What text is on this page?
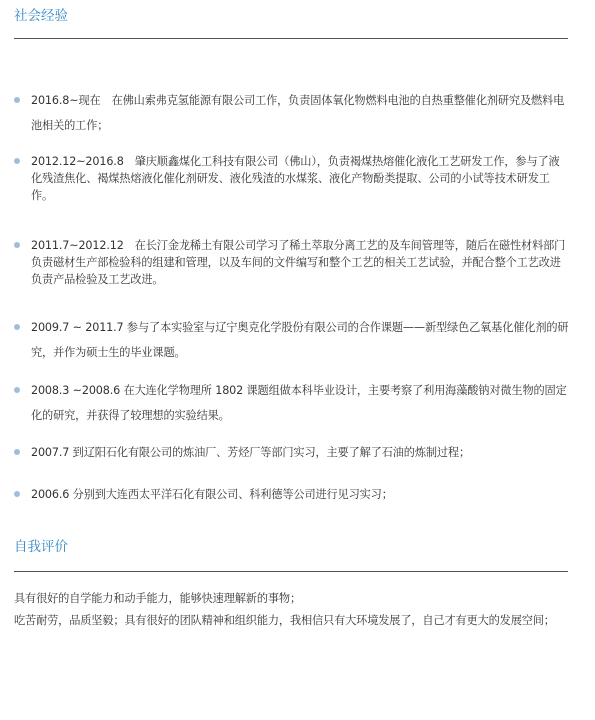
社会经验

2016.8~现在　在佛山索弗克氢能源有限公司工作，负责固体氧化物燃料电池的自热重整催化剂研究及燃料电池相关的工作；

2012.12~2016.8　肇庆顺鑫煤化工科技有限公司（佛山），负责褐煤热熔催化液化工艺研发工作，参与了液化残渣焦化、褐煤热熔液化催化剂研发、液化残渣的水煤浆、液化产物酚类提取、公司的小试等技术研发工作。

2011.7~2012.12　在长汀金龙稀土有限公司学习了稀土萃取分离工艺的及车间管理等，随后在磁性材料部门负责磁材生产部检验科的组建和管理，以及车间的文件编写和整个工艺的相关工艺试验，并配合整个工艺改进负责产品检验及工艺改进。

2009.7 ~ 2011.7 参与了本实验室与辽宁奥克化学股份有限公司的合作课题——新型绿色乙氧基化催化剂的研究，并作为硕士生的毕业课题。

2008.3 ~2008.6 在大连化学物理所 1802 课题组做本科毕业设计，主要考察了利用海藻酸钠对微生物的固定化的研究，并获得了较理想的实验结果。

2007.7 到辽阳石化有限公司的炼油厂、芳烃厂等部门实习，主要了解了石油的炼制过程；

2006.6 分别到大连西太平洋石化有限公司、科利德等公司进行见习实习；

自我评价
具有很好的自学能力和动手能力，能够快速理解新的事物；
吃苦耐劳，品质坚毅；具有很好的团队精神和组织能力，我相信只有大环境发展了，自己才有更大的发展空间；
